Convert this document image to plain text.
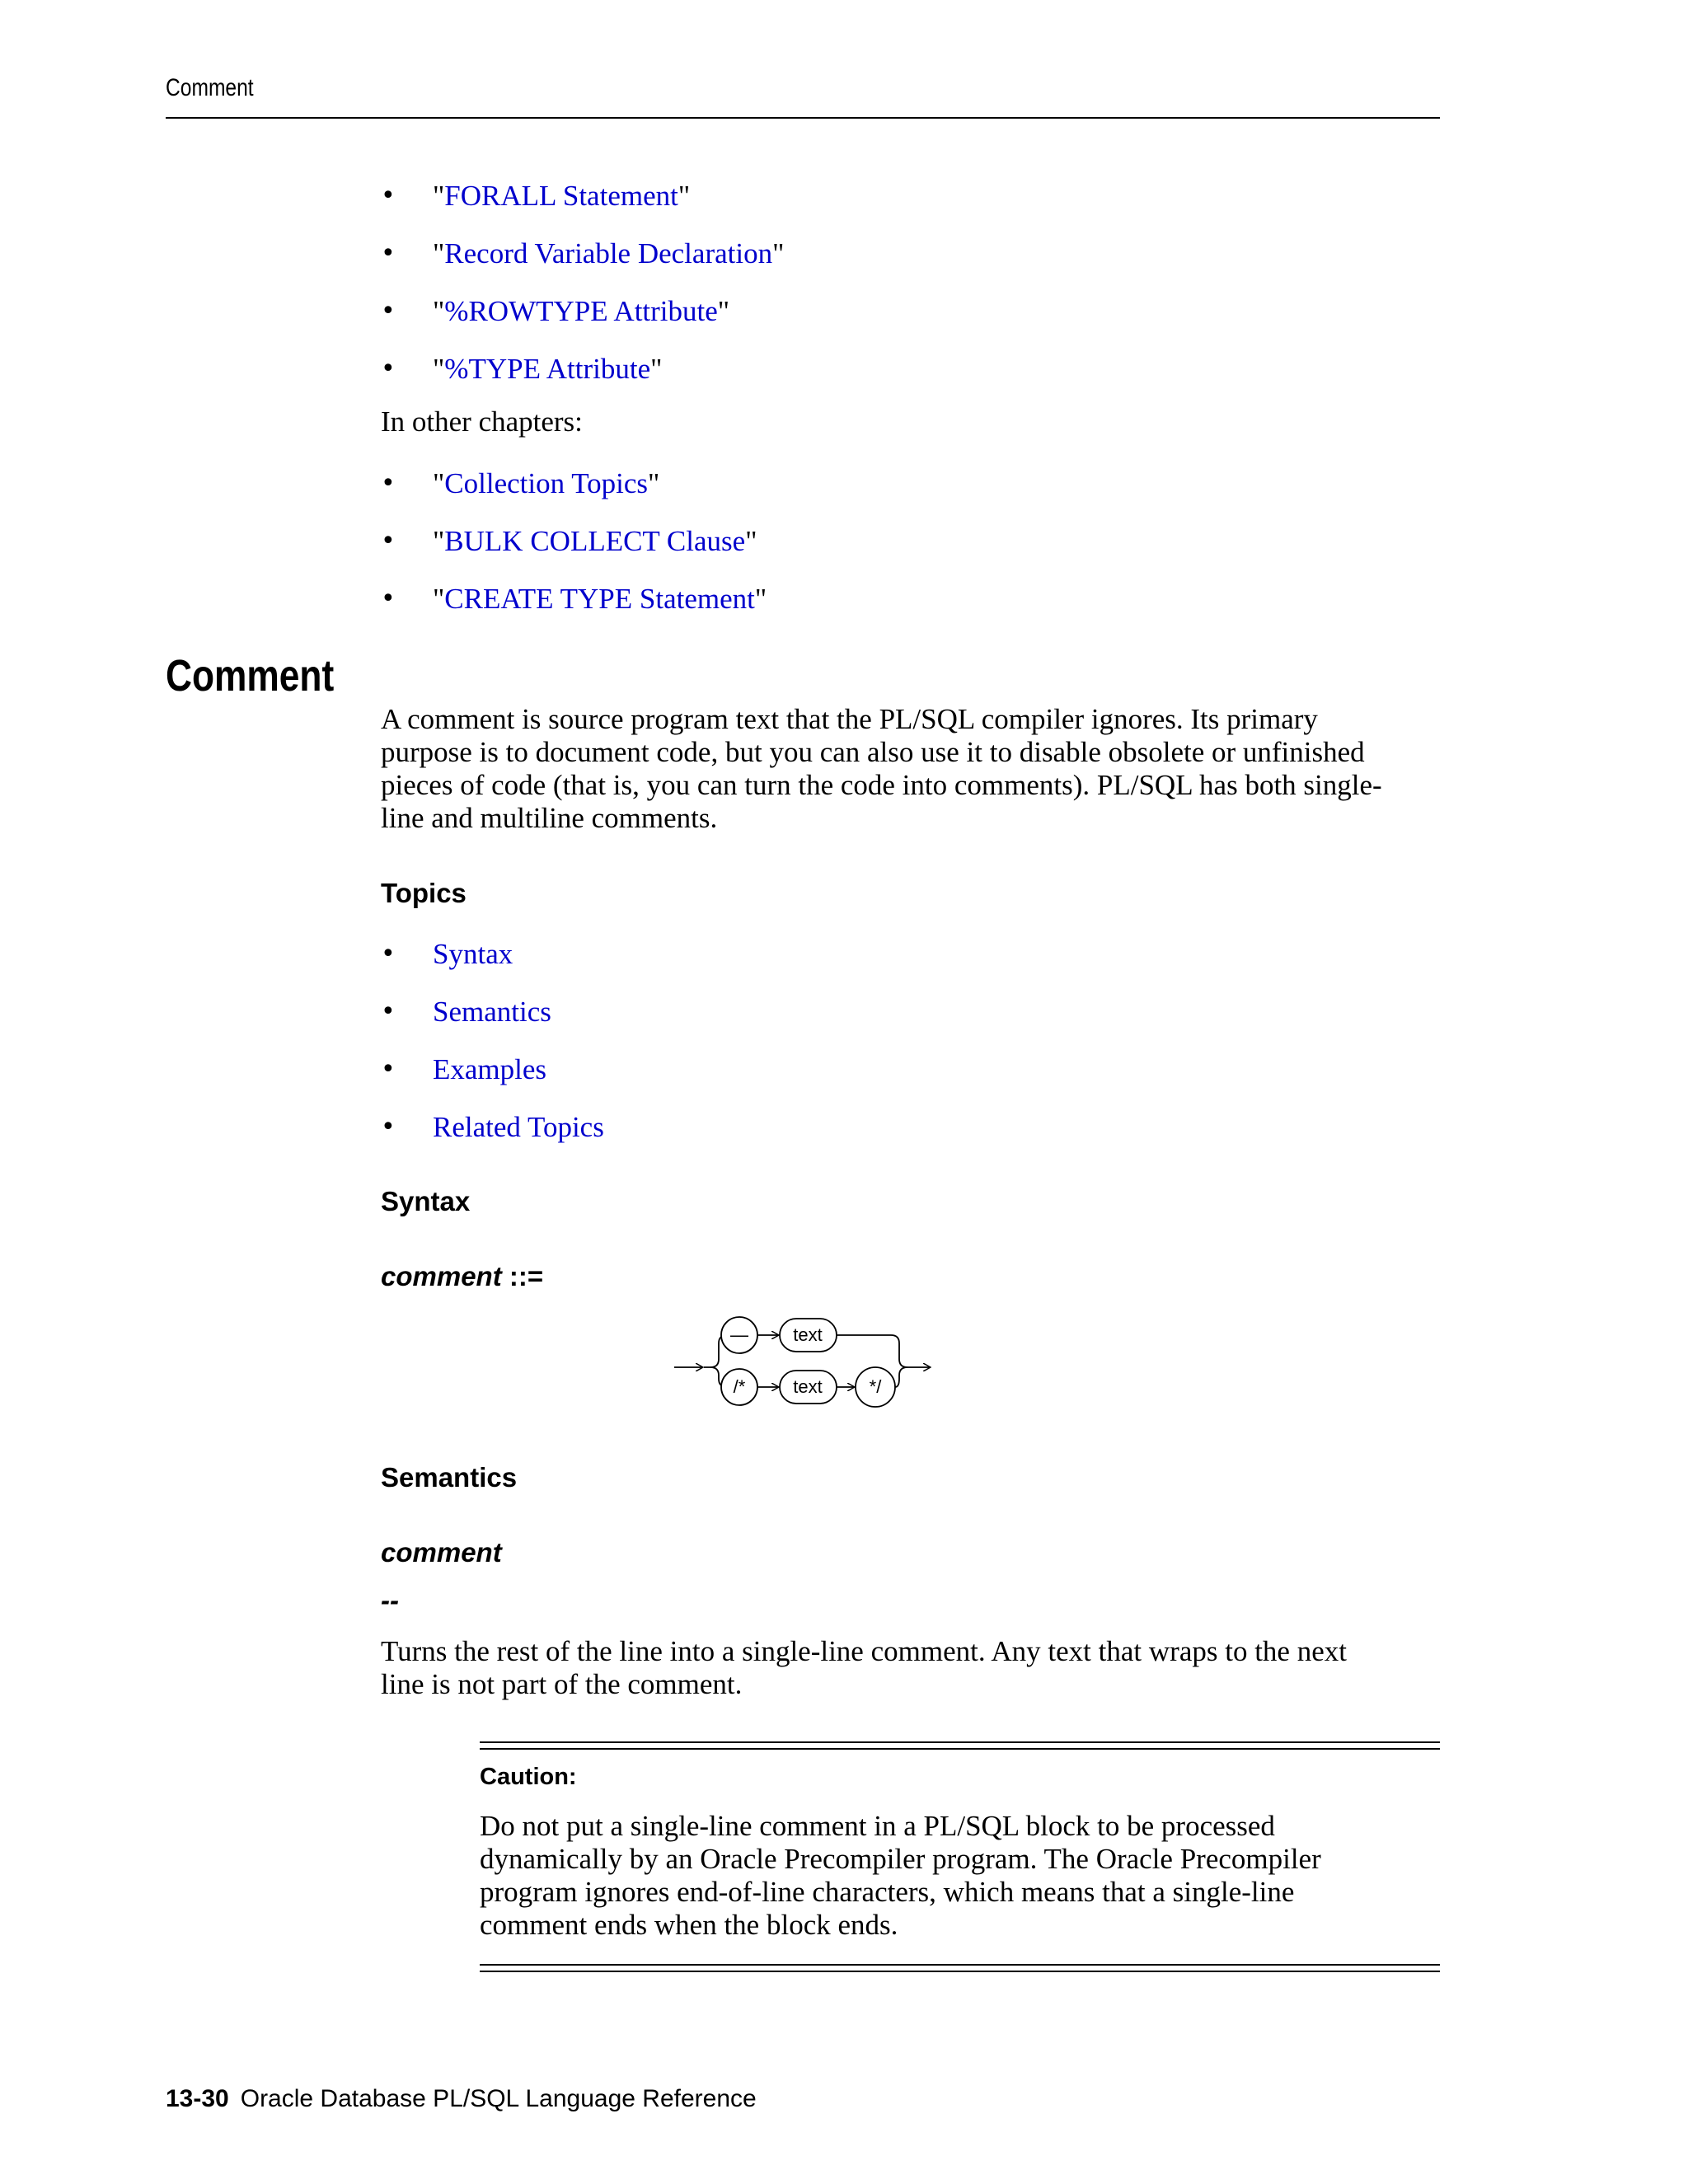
Comment
• "FORALL Statement"
• "Record Variable Declaration"
• "%ROWTYPE Attribute"
• "%TYPE Attribute"
In other chapters:
• "Collection Topics"
• "BULK COLLECT Clause"
• "CREATE TYPE Statement"
Comment
A comment is source program text that the PL/SQL compiler ignores. Its primary
purpose is to document code, but you can also use it to disable obsolete or unfinished
pieces of code (that is, you can turn the code into comments). PL/SQL has both single-
line and multiline comments.
Topics
• Syntax
• Semantics
• Examples
• Related Topics
Syntax
comment ::=
— text
/*	text	*/
Semantics
comment
--
Turns the rest of the line into a single-line comment. Any text that wraps to the next
line is not part of the comment.
Caution:
Do not put a single-line comment in a PL/SQL block to be processed
dynamically by an Oracle Precompiler program. The Oracle Precompiler
program ignores end-of-line characters, which means that a single-line
comment ends when the block ends.
13-30 Oracle Database PL/SQL Language Reference
